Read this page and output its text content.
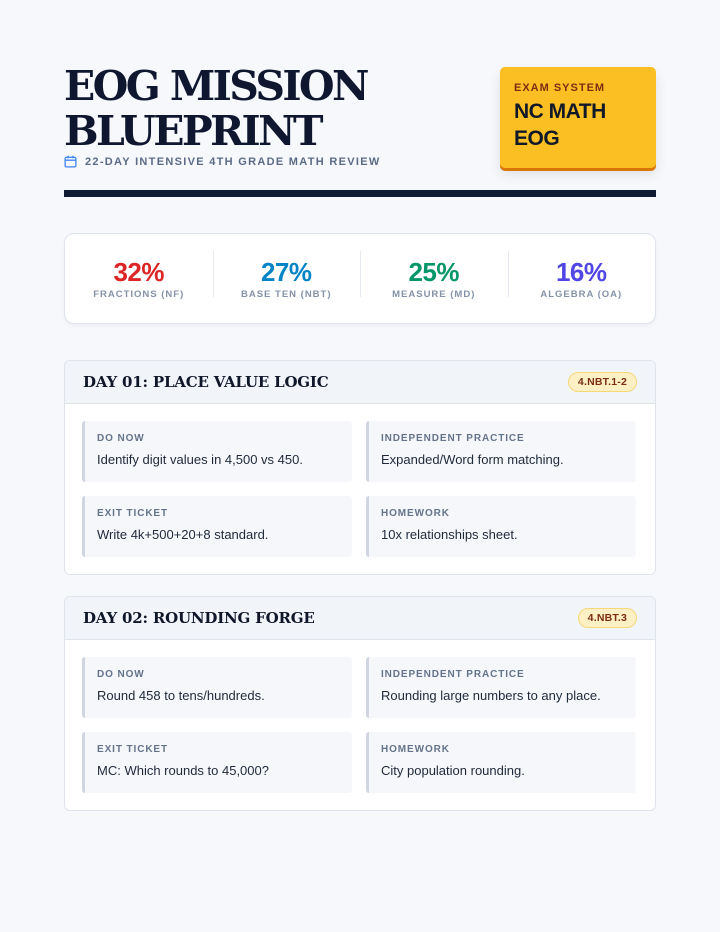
EOG MISSION
BLUEPRINT
22-DAY INTENSIVE 4TH GRADE MATH REVIEW
EXAM SYSTEM
NC MATH
EOG
32%
FRACTIONS (NF)
27%
BASE TEN (NBT)
25%
MEASURE (MD)
16%
ALGEBRA (OA)
DAY 01: PLACE VALUE LOGIC	4.NBT.1-2
DO NOW
Identify digit values in 4,500 vs 450.
INDEPENDENT PRACTICE
Expanded/Word form matching.
EXIT TICKET
Write 4k+500+20+8 standard.
HOMEWORK
10x relationships sheet.
DAY 02: ROUNDING FORGE	4.NBT.3
DO NOW
Round 458 to tens/hundreds.
INDEPENDENT PRACTICE
Rounding large numbers to any place.
EXIT TICKET
MC: Which rounds to 45,000?
HOMEWORK
City population rounding.
